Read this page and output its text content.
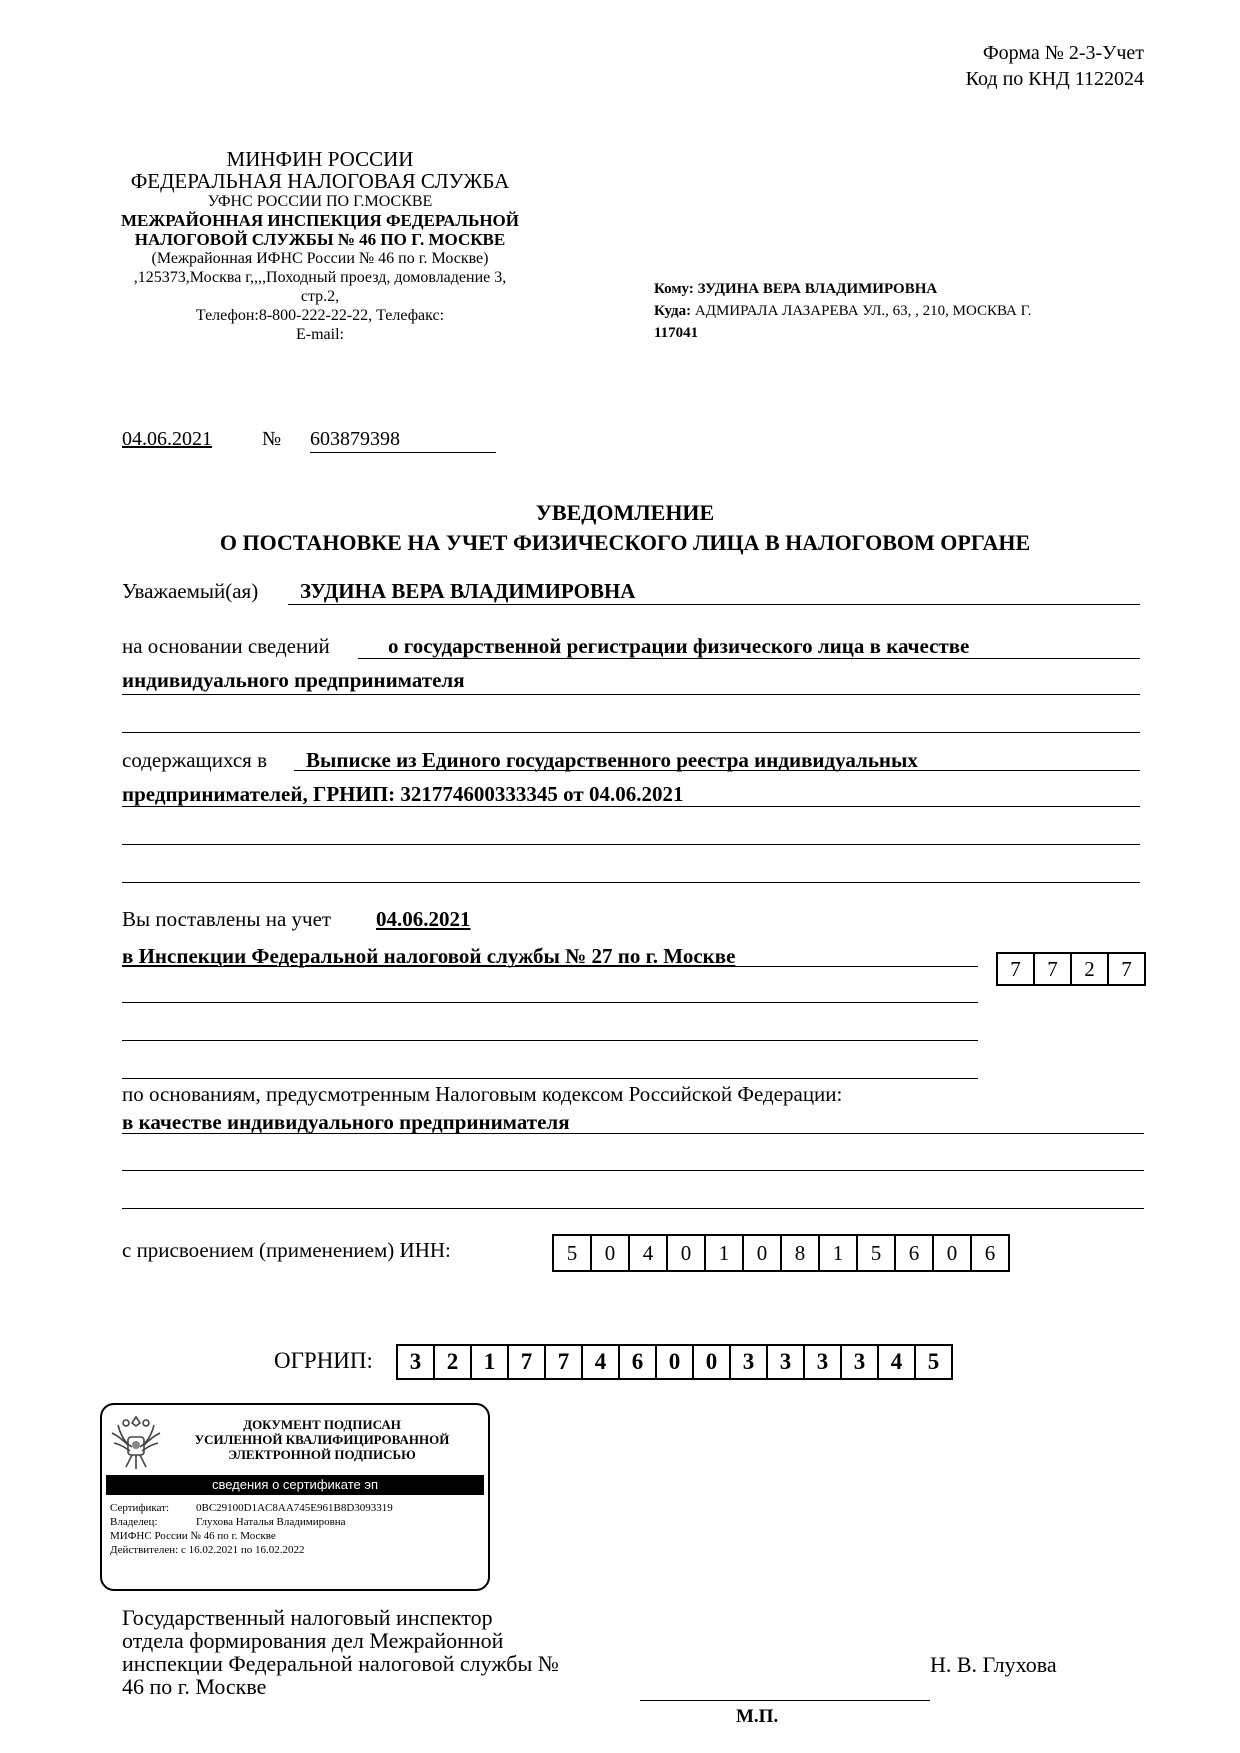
Форма № 2-3-Учет
Код по КНД 1122024
МИНФИН РОССИИ
ФЕДЕРАЛЬНАЯ НАЛОГОВАЯ СЛУЖБА
УФНС РОССИИ ПО Г.МОСКВЕ
МЕЖРАЙОННАЯ ИНСПЕКЦИЯ ФЕДЕРАЛЬНОЙ
НАЛОГОВОЙ СЛУЖБЫ № 46 ПО Г. МОСКВЕ
(Межрайонная ИФНС России № 46 по г. Москве)
,125373,Москва г,,,,Походный проезд, домовладение 3,
стр.2,
Телефон:8-800-222-22-22, Телефакс:
E-mail:
Кому: ЗУДИНА ВЕРА ВЛАДИМИРОВНА
Куда: АДМИРАЛА ЛАЗАРЕВА УЛ., 63, , 210, МОСКВА Г.
117041
04.06.2021	№ 603879398
УВЕДОМЛЕНИЕ
О ПОСТАНОВКЕ НА УЧЕТ ФИЗИЧЕСКОГО ЛИЦА В НАЛОГОВОМ ОРГАНЕ
Уважаемый(ая) ЗУДИНА ВЕРА ВЛАДИМИРОВНА
на основании сведений	о государственной регистрации физического лица в качестве
индивидуального предпринимателя
содержащихся в Выписке из Единого государственного реестра индивидуальных
предпринимателей, ГРНИП: 321774600333345 от 04.06.2021
Вы поставлены на учет 04.06.2021
в Инспекции Федеральной налоговой службы № 27 по г. Москве
7	7	2	7
по основаниям, предусмотренным Налоговым кодексом Российской Федерации:
в качестве индивидуального предпринимателя
с присвоением (применением) ИНН:	5	0	4	0	1	0	8	1	5	6	0	6
ОГРНИП:	3	2	1	7	7	4	6	0	0	3	3	3	3	4	5
ДОКУМЕНТ ПОДПИСАН
УСИЛЕННОЙ КВАЛИФИЦИРОВАННОЙ
ЭЛЕКТРОННОЙ ПОДПИСЬЮ
сведения о сертификате эп
Сертификат: 0BC29100D1AC8AA745E961B8D3093319
Владелец:	Глухова Наталья Владимировна
МИФНС России № 46 по г. Москве
Действителен: с 16.02.2021 по 16.02.2022
Государственный налоговый инспектор
отдела формирования дел Межрайонной
инспекции Федеральной налоговой службы №
46 по г. Москве
Н. В. Глухова
М.П.
